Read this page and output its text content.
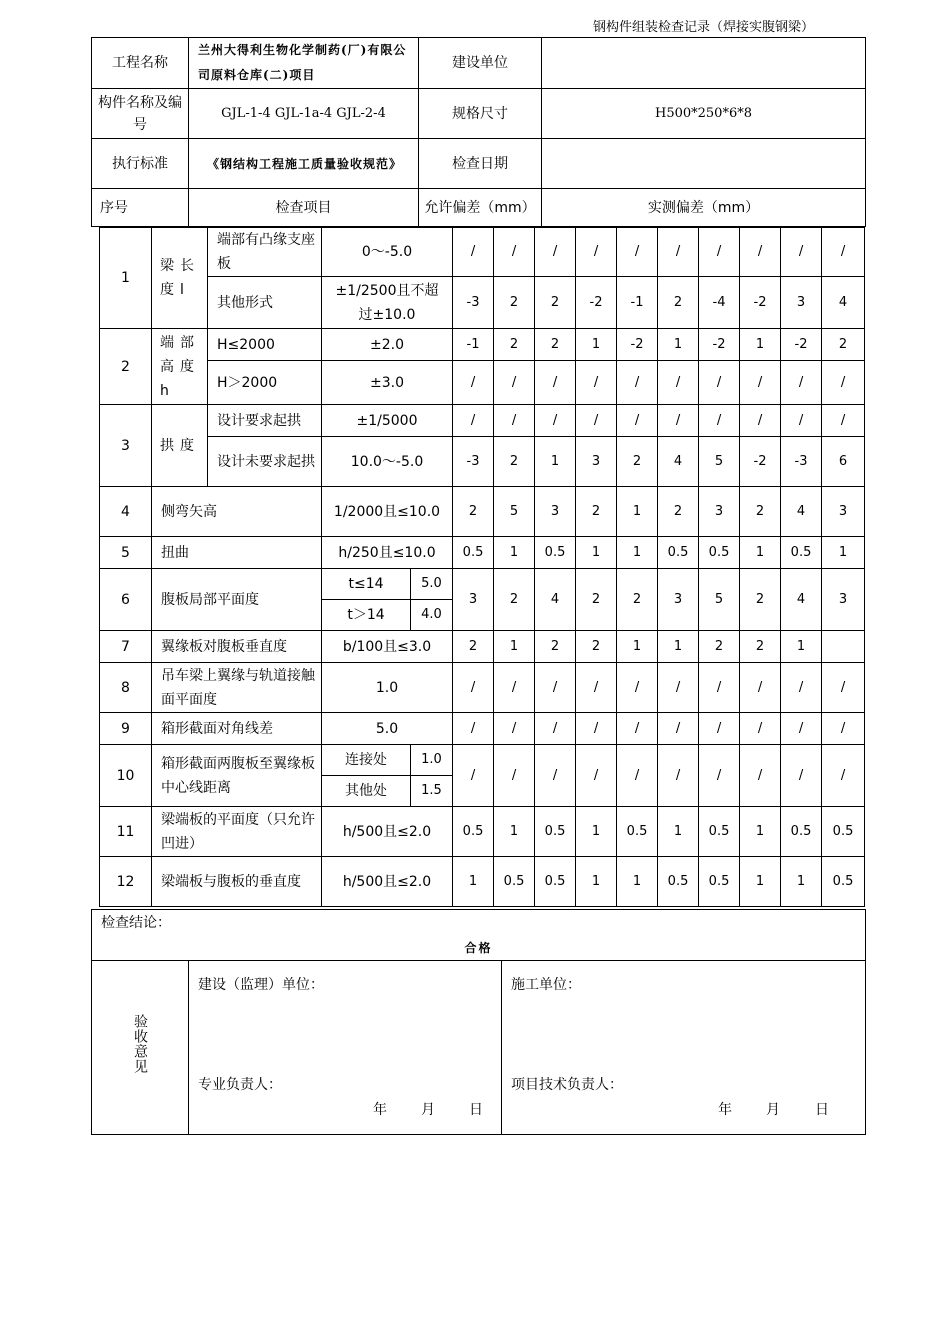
钢构件组装检查记录（焊接实腹钢梁）
工程名称	兰州大得利生物化学制药(厂)有限公司原料仓库(二)项目	建设单位	
构件名称及编号	GJL-1-4 GJL-1a-4 GJL-2-4	规格尺寸	H500*250*6*8
执行标准	《钢结构工程施工质量验收规范》	检查日期	
序号	检查项目	允许偏差（mm）	实测偏差（mm）
1	梁长度l	端部有凸缘支座板	0～-5.0		/	/	/	/	/	/	/	/	/	/
		其他形式	±1/2500且不超过±10.0		-3	2	2	-2	-1	2	-4	-2	3	4
2	端部高度h	H≤2000	±2.0		-1	2	2	1	-2	1	-2	1	-2	2
		H＞2000	±3.0		/	/	/	/	/	/	/	/	/	/
3	拱度	设计要求起拱	±1/5000		/	/	/	/	/	/	/	/	/	/
		设计未要求起拱	10.0～-5.0		-3	2	1	3	2	4	5	-2	-3	6
4	侧弯矢高		1/2000且≤10.0		2	5	3	2	1	2	3	2	4	3
5	扭曲		h/250且≤10.0		0.5	1	0.5	1	1	0.5	0.5	1	0.5	1
6	腹板局部平面度		t≤14	5.0	3	2	4	2	2	3	5	2	4	3
			t＞14	4.0										
7	翼缘板对腹板垂直度		b/100且≤3.0		2	1	2	2	1	1	2	2	1	
8	吊车梁上翼缘与轨道接触面平面度		1.0		/	/	/	/	/	/	/	/	/	/
9	箱形截面对角线差		5.0		/	/	/	/	/	/	/	/	/	/
10	箱形截面两腹板至翼缘板中心线距离		连接处	1.0	/	/	/	/	/	/	/	/	/	/
			其他处	1.5										
11	梁端板的平面度（只允许凹进）		h/500且≤2.0		0.5	1	0.5	1	0.5	1	0.5	1	0.5	0.5
12	梁端板与腹板的垂直度		h/500且≤2.0		1	0.5	0.5	1	1	0.5	0.5	1	1	0.5
检查结论：
合格

验收意见	
建设（监理）单位：
专业负责人：
年 月 日

施工单位：
项目技术负责人：
年 月	日
